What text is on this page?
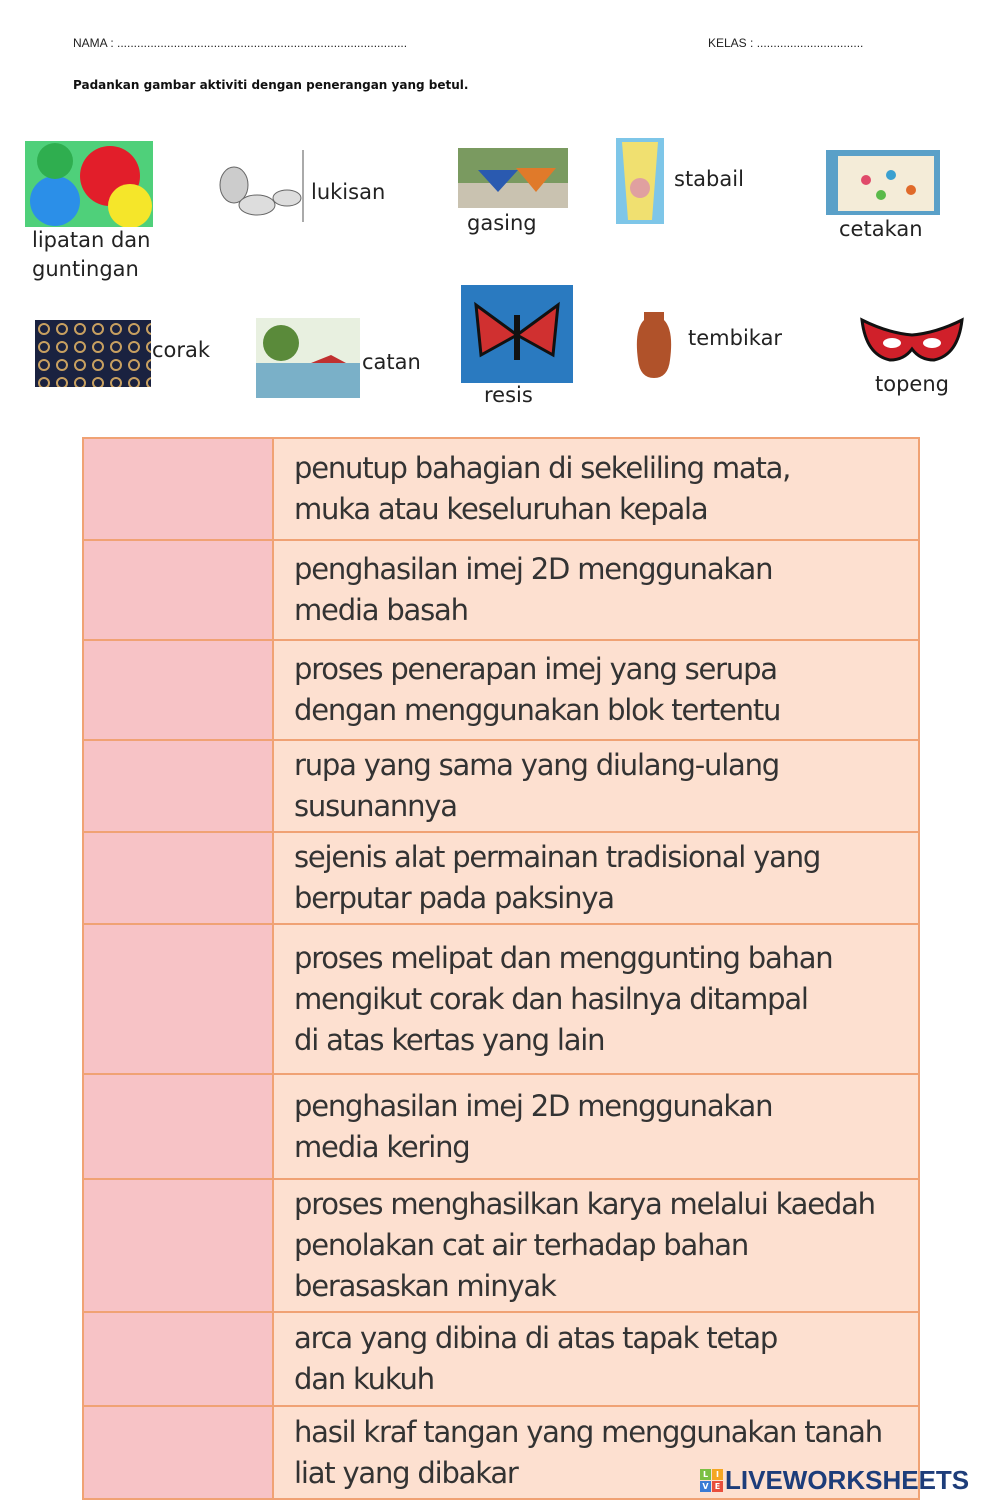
NAMA : .......................................................................................	KELAS : ................................
Padankan gambar aktiviti dengan penerangan yang betul.
lipatan dan guntingan
lukisan
gasing
stabail
cetakan
corak	catan
resis
tembikar
topeng

	penutup bahagian di sekeliling mata,
muka atau keseluruhan kepala

	penghasilan imej 2D menggunakan
media basah

	proses penerapan imej yang serupa
dengan menggunakan blok tertentu

	rupa yang sama yang diulang-ulang
susunannya

	sejenis alat permainan tradisional yang
berputar pada paksinya

	proses melipat dan menggunting bahan
mengikut corak dan hasilnya ditampal
di atas kertas yang lain

	penghasilan imej 2D menggunakan
media kering

	proses menghasilkan karya melalui kaedah
penolakan cat air terhadap bahan
berasaskan minyak

	arca yang dibina di atas tapak tetap
dan kukuh

	hasil kraf tangan yang menggunakan tanah
liat yang dibakar	L I
V E LIVEWORKSHEETS
